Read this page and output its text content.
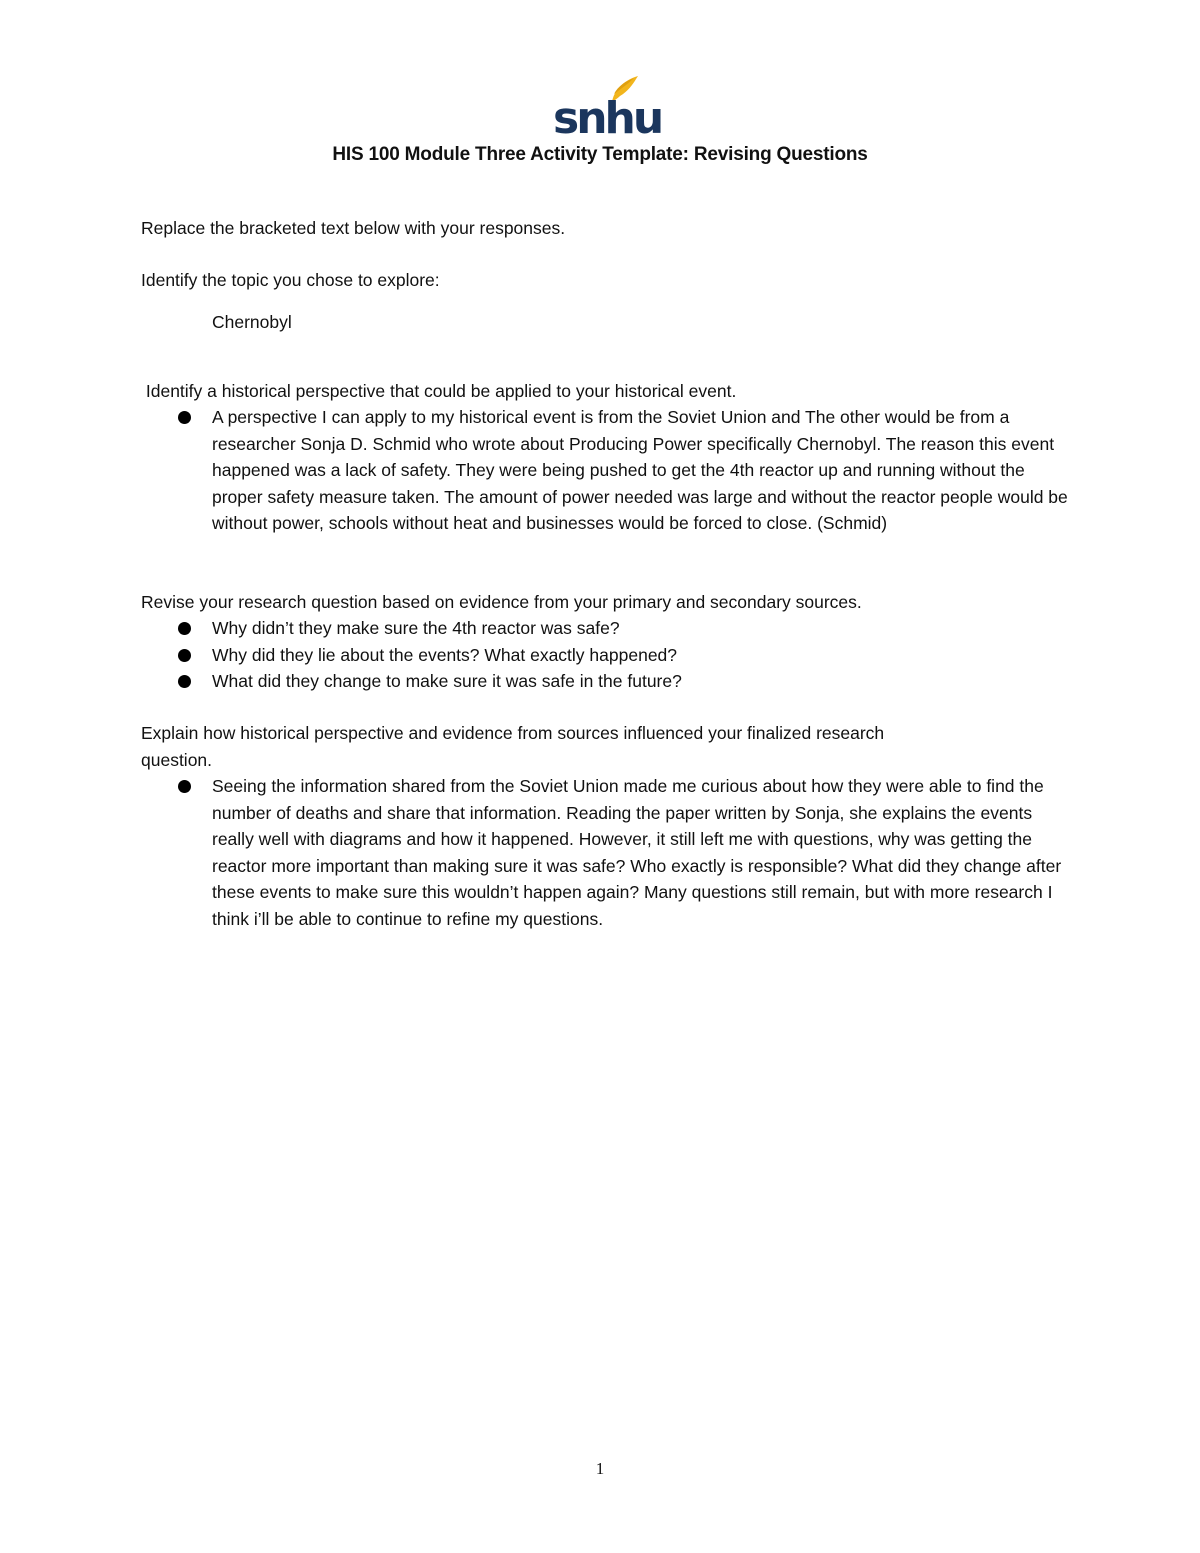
snhu
HIS 100 Module Three Activity Template: Revising Questions
Replace the bracketed text below with your responses.
Identify the topic you chose to explore:
Chernobyl
Identify a historical perspective that could be applied to your historical event.
A perspective I can apply to my historical event is from the Soviet Union and The other would be from a researcher Sonja D. Schmid who wrote about Producing Power specifically Chernobyl. The reason this event happened was a lack of safety. They were being pushed to get the 4th reactor up and running without the proper safety measure taken. The amount of power needed was large and without the reactor people would be without power, schools without heat and businesses would be forced to close. (Schmid)
Revise your research question based on evidence from your primary and secondary sources.
Why didn’t they make sure the 4th reactor was safe?
Why did they lie about the events? What exactly happened?
What did they change to make sure it was safe in the future?
Explain how historical perspective and evidence from sources influenced your finalized research
question.
Seeing the information shared from the Soviet Union made me curious about how they were able to find the number of deaths and share that information. Reading the paper written by Sonja, she explains the events really well with diagrams and how it happened. However, it still left me with questions, why was getting the reactor more important than making sure it was safe? Who exactly is responsible? What did they change after these events to make sure this wouldn’t happen again? Many questions still remain, but with more research I think i’ll be able to continue to refine my questions.
1
